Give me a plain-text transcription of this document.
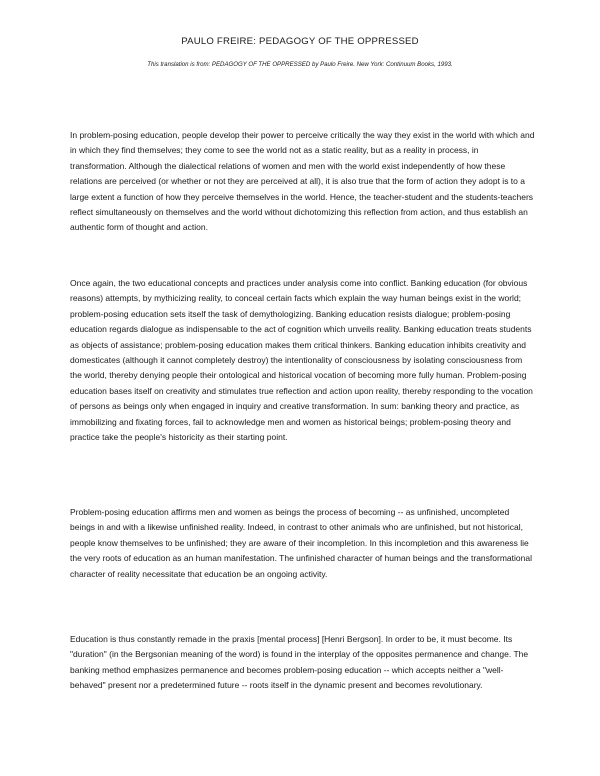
PAULO FREIRE: PEDAGOGY OF THE OPPRESSED
This translation is from: PEDAGOGY OF THE OPPRESSED by Paulo Freire. New York: Continuum Books, 1993.

In problem-posing education, people develop their power to perceive critically the way they exist in the world with which and in which they find themselves; they come to see the world not as a static reality, but as a reality in process, in transformation. Although the dialectical relations of women and men with the world exist independently of how these relations are perceived (or whether or not they are perceived at all), it is also true that the form of action they adopt is to a large extent a function of how they perceive themselves in the world. Hence, the teacher-student and the students-teachers reflect simultaneously on themselves and the world without dichotomizing this reflection from action, and thus establish an authentic form of thought and action.

Once again, the two educational concepts and practices under analysis come into conflict. Banking education (for obvious reasons) attempts, by mythicizing reality, to conceal certain facts which explain the way human beings exist in the world; problem-posing education sets itself the task of demythologizing. Banking education resists dialogue; problem-posing education regards dialogue as indispensable to the act of cognition which unveils reality. Banking education treats students as objects of assistance; problem-posing education makes them critical thinkers. Banking education inhibits creativity and domesticates (although it cannot completely destroy) the intentionality of consciousness by isolating consciousness from the world, thereby denying people their ontological and historical vocation of becoming more fully human. Problem-posing education bases itself on creativity and stimulates true reflection and action upon reality, thereby responding to the vocation of persons as beings only when engaged in inquiry and creative transformation. In sum: banking theory and practice, as immobilizing and fixating forces, fail to acknowledge men and women as historical beings; problem-posing theory and practice take the people's historicity as their starting point.

Problem-posing education affirms men and women as beings the process of becoming -- as unfinished, uncompleted beings in and with a likewise unfinished reality. Indeed, in contrast to other animals who are unfinished, but not historical, people know themselves to be unfinished; they are aware of their incompletion. In this incompletion and this awareness lie the very roots of education as an human manifestation. The unfinished character of human beings and the transformational character of reality necessitate that education be an ongoing activity.

Education is thus constantly remade in the praxis [mental process] [Henri Bergson]. In order to be, it must become. Its "duration" (in the Bergsonian meaning of the word) is found in the interplay of the opposites permanence and change. The banking method emphasizes permanence and becomes problem-posing education -- which accepts neither a "well-behaved" present nor a predetermined future -- roots itself in the dynamic present and becomes revolutionary.
